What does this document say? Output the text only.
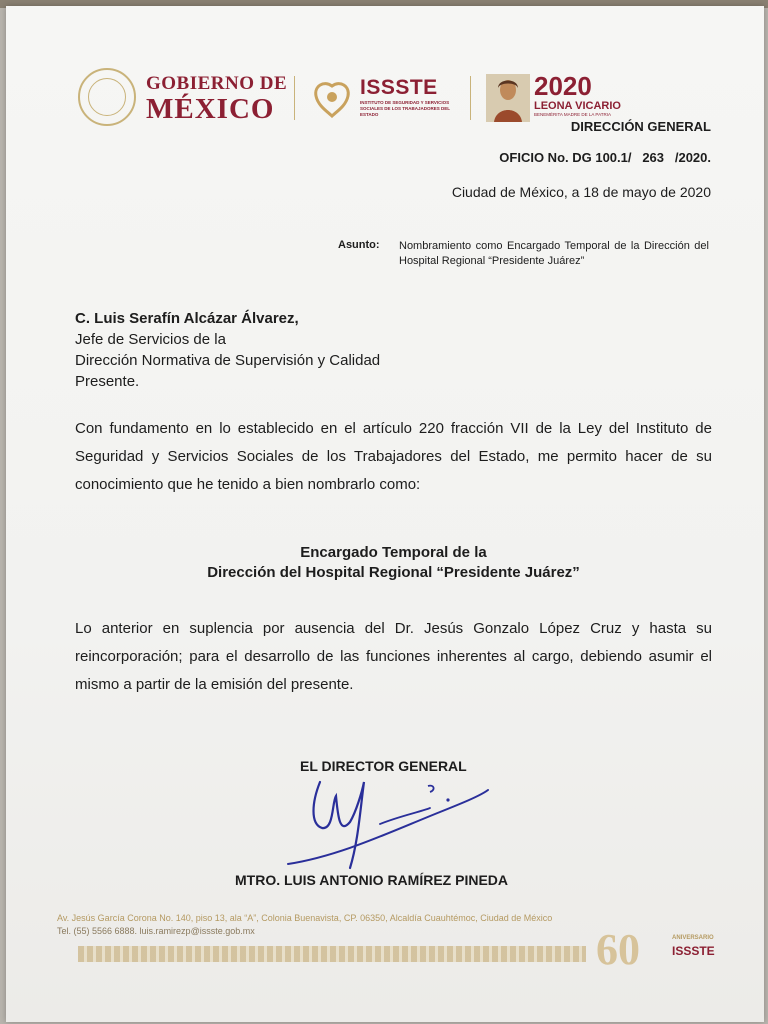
GOBIERNO DE
MÉXICO
ISSSTE
INSTITUTO DE SEGURIDAD Y SERVICIOS SOCIALES DE LOS TRABAJADORES DEL ESTADO
2020
LEONA VICARIO
BENEMÉRITA MADRE DE LA PATRIA
DIRECCIÓN GENERAL
OFICIO No. DG 100.1/   263   /2020.
Ciudad de México, a 18 de mayo de 2020
Asunto: Nombramiento como Encargado Temporal de la Dirección del Hospital Regional “Presidente Juárez”
C. Luis Serafín Alcázar Álvarez,
Jefe de Servicios de la
Dirección Normativa de Supervisión y Calidad
Presente.
Con fundamento en lo establecido en el artículo 220 fracción VII de la Ley del Instituto de Seguridad y Servicios Sociales de los Trabajadores del Estado, me permito hacer de su conocimiento que he tenido a bien nombrarlo como:
Encargado Temporal de la
Dirección del Hospital Regional “Presidente Juárez”
Lo anterior en suplencia por ausencia del Dr. Jesús Gonzalo López Cruz y hasta su reincorporación; para el desarrollo de las funciones inherentes al cargo, debiendo asumir el mismo a partir de la emisión del presente.
EL DIRECTOR GENERAL
MTRO. LUIS ANTONIO RAMÍREZ PINEDA
Av. Jesús García Corona No. 140, piso 13, ala “A”, Colonia Buenavista, CP. 06350, Alcaldía Cuauhtémoc, Ciudad de México
Tel. (55) 5566 6888. luis.ramirezp@issste.gob.mx	60	ANIVERSARIO
ISSSTE
